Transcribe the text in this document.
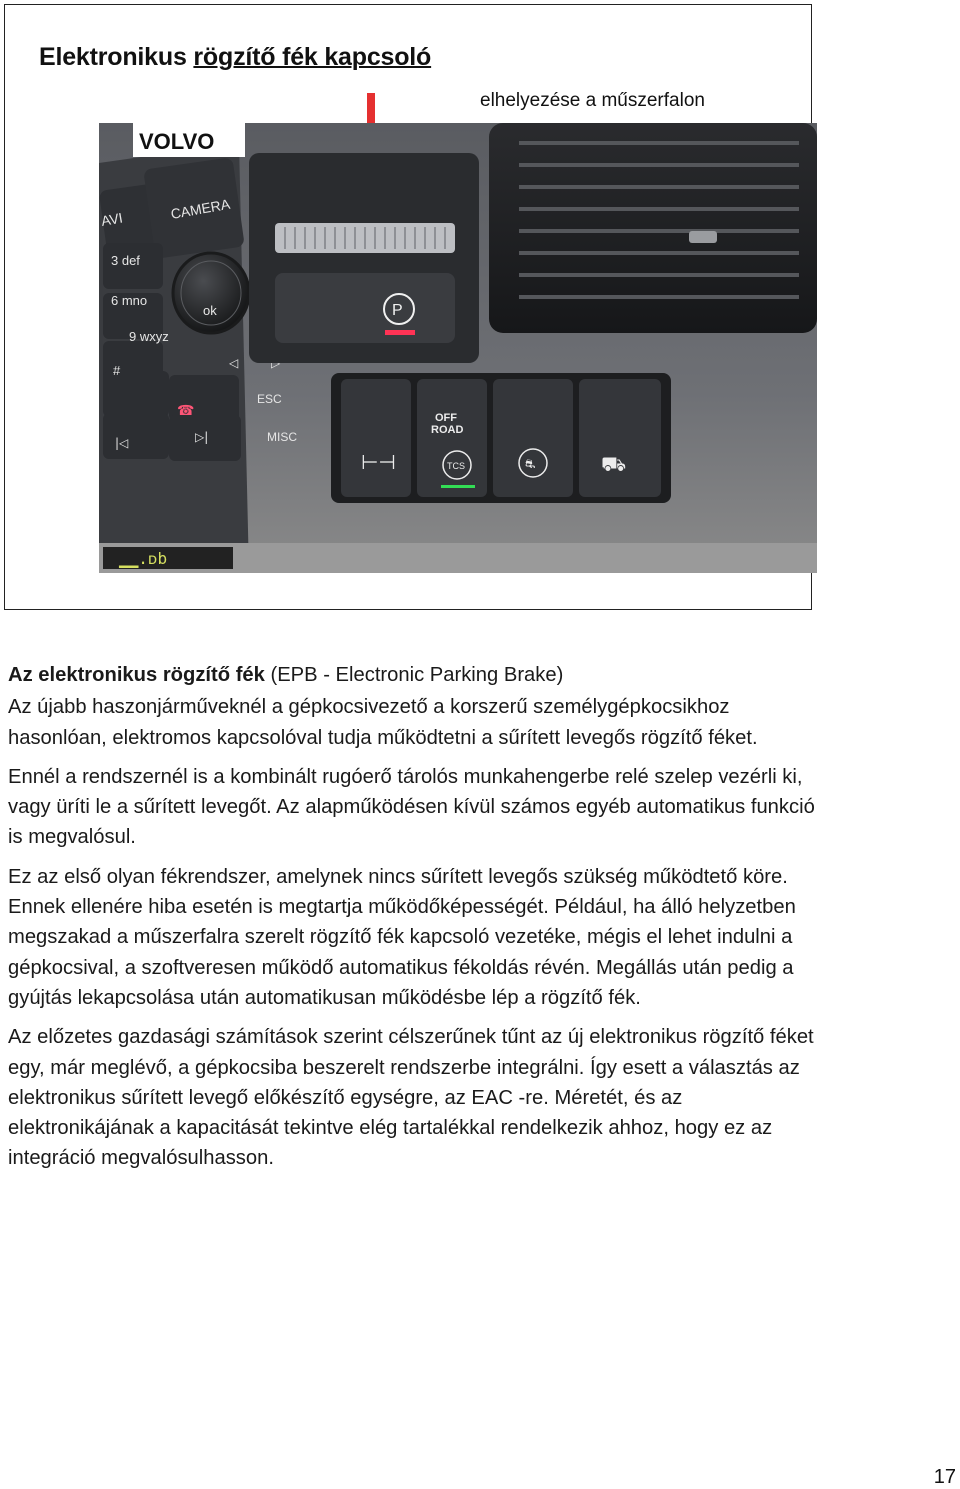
Elektronikus rögzítő fék kapcsoló
elhelyezése a műszerfalon
CAMERA
AVI
3 def
6 mno
9 wxyz
#
ESC
MISC
☎
◁
|◁	▷|
ok	P
OFF
ROAD
⊢⊣	TCS	⛐	⛟
▁▁.ᴅb
VOLVO

Az elektronikus rögzítő fék (EPB - Electronic Parking Brake)

Az újabb haszonjárműveknél a gépkocsivezető a korszerű személygépkocsikhoz hasonlóan, elektromos kapcsolóval tudja működtetni a sűrített levegős rögzítő féket.

Ennél a rendszernél is a kombinált rugóerő tárolós munkahengerbe relé szelep vezérli ki, vagy üríti le a sűrített levegőt. Az alapműködésen kívül számos egyéb automatikus funkció is megvalósul.

Ez az első olyan fékrendszer, amelynek nincs sűrített levegős szükség működtető köre. Ennek ellenére hiba esetén is megtartja működőképességét. Például, ha álló helyzetben megszakad a műszerfalra szerelt rögzítő fék kapcsoló vezetéke, mégis el lehet indulni a gépkocsival, a szoftveresen működő automatikus fékoldás révén. Megállás után pedig a gyújtás lekapcsolása után automatikusan működésbe lép a rögzítő fék.

Az előzetes gazdasági számítások szerint célszerűnek tűnt az új elektronikus rögzítő féket egy, már meglévő, a gépkocsiba beszerelt rendszerbe integrálni. Így esett a választás az elektronikus sűrített levegő előkészítő egységre, az EAC -re. Méretét, és az elektronikájának a kapacitását tekintve elég tartalékkal rendelkezik ahhoz, hogy ez az integráció megvalósulhasson.

17
